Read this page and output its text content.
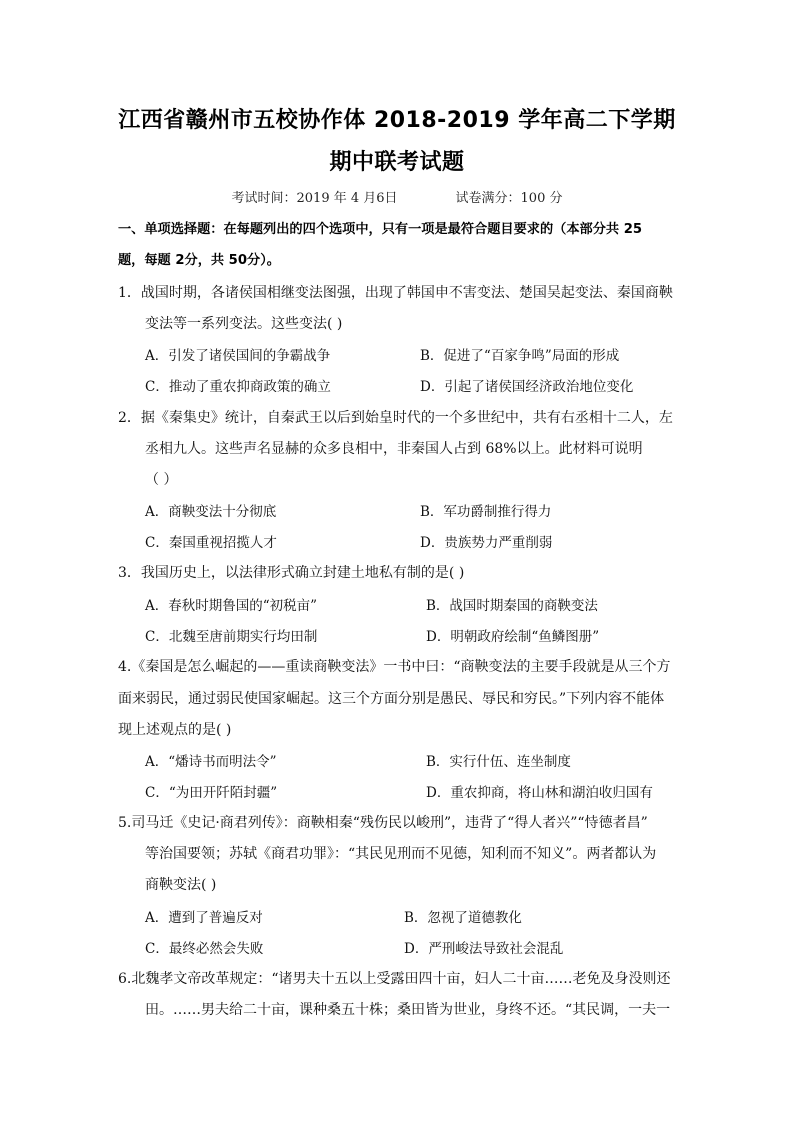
江西省赣州市五校协作体 2018-2019 学年高二下学期
期中联考试题
考试时间：2019 年 4 月6日	试卷满分：100 分
一、单项选择题：在每题列出的四个选项中，只有一项是最符合题目要求的（本部分共 25
题，每题 2分，共 50分）。
1．战国时期，各诸侯国相继变法图强，出现了韩国申不害变法、楚国吴起变法、秦国商鞅
变法等一系列变法。这些变法( )
A．引发了诸侯国间的争霸战争	B．促进了“百家争鸣”局面的形成
C．推动了重农抑商政策的确立	D．引起了诸侯国经济政治地位变化
2．据《秦集史》统计，自秦武王以后到始皇时代的一个多世纪中，共有右丞相十二人，左
丞相九人。这些声名显赫的众多良相中，非秦国人占到 68%以上。此材料可说明
（ ）
A．商鞅变法十分彻底	B．军功爵制推行得力
C．秦国重视招揽人才	D．贵族势力严重削弱
3．我国历史上，以法律形式确立封建土地私有制的是( )
A．春秋时期鲁国的“初税亩”	B．战国时期秦国的商鞅变法
C．北魏至唐前期实行均田制	D．明朝政府绘制“鱼鳞图册”
4.《秦国是怎么崛起的——重读商鞅变法》一书中曰：“商鞅变法的主要手段就是从三个方
面来弱民，通过弱民使国家崛起。这三个方面分别是愚民、辱民和穷民。”下列内容不能体
现上述观点的是( )
A．“燔诗书而明法令”	B．实行什伍、连坐制度
C．“为田开阡陌封疆”	D．重农抑商，将山林和湖泊收归国有
5.司马迁《史记·商君列传》：商鞅相秦“残伤民以峻刑”，违背了“得人者兴”“恃德者昌”
等治国要领；苏轼《商君功罪》：“其民见刑而不见德，知利而不知义”。两者都认为
商鞅变法( )
A．遭到了普遍反对	B．忽视了道德教化
C．最终必然会失败	D．严刑峻法导致社会混乱
6.北魏孝文帝改革规定：“诸男夫十五以上受露田四十亩，妇人二十亩……老免及身没则还
田。……男夫给二十亩，课种桑五十株；桑田皆为世业，身终不还。“其民调，一夫一
